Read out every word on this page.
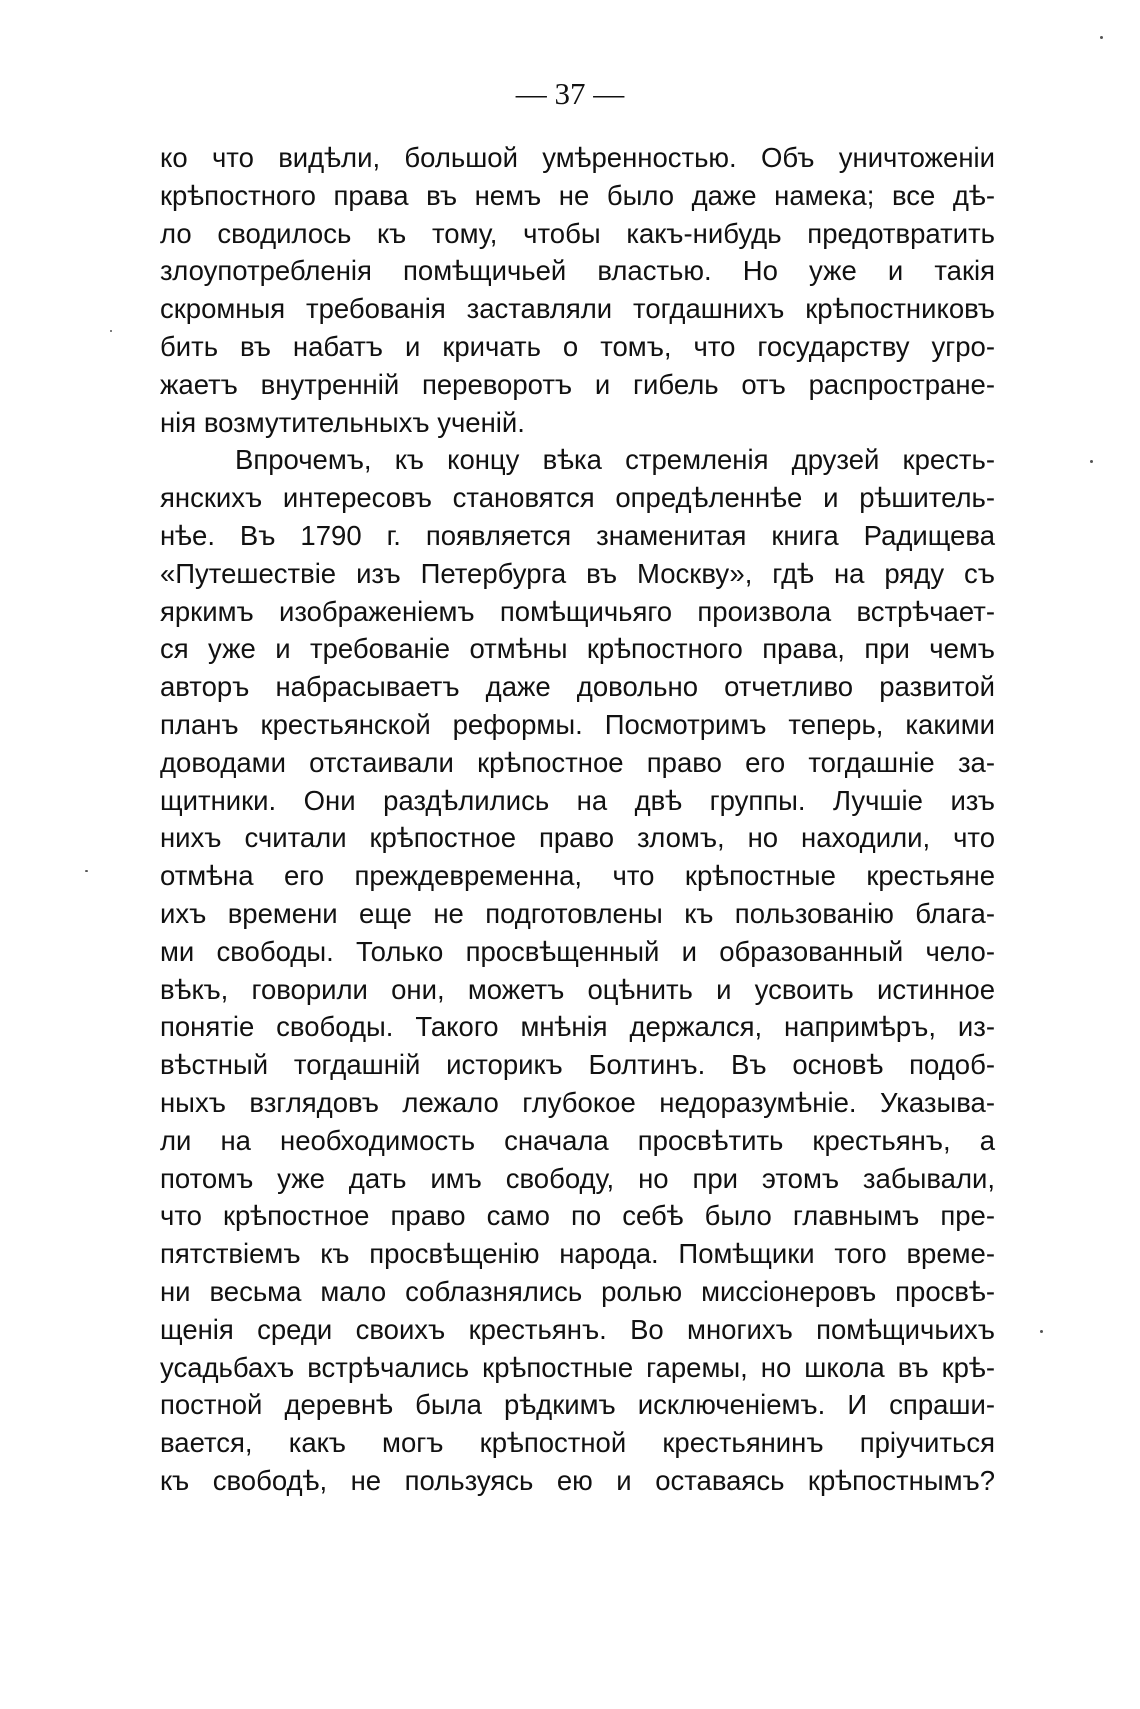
— 37 —
ко что видѣли, большой умѣренностью. Объ уничтоженіи
крѣпостного права въ немъ не было даже намека; все дѣ-
ло сводилось къ тому, чтобы какъ-нибудь предотвратить
злоупотребленія помѣщичьей властью. Но уже и такія
скромныя требованія заставляли тогдашнихъ крѣпостниковъ
бить въ набатъ и кричать о томъ, что государству угро-
жаетъ внутренній переворотъ и гибель отъ распростране-
нія возмутительныхъ ученій.
Впрочемъ, къ концу вѣка стремленія друзей кресть-
янскихъ интересовъ становятся опредѣленнѣе и рѣшитель-
нѣе. Въ 1790 г. появляется знаменитая книга Радищева
«Путешествіе изъ Петербурга въ Москву», гдѣ на ряду съ
яркимъ изображеніемъ помѣщичьяго произвола встрѣчает-
ся уже и требованіе отмѣны крѣпостного права, при чемъ
авторъ набрасываетъ даже довольно отчетливо развитой
планъ крестьянской реформы. Посмотримъ теперь, какими
доводами отстаивали крѣпостное право его тогдашніе за-
щитники. Они раздѣлились на двѣ группы. Лучшіе изъ
нихъ считали крѣпостное право зломъ, но находили, что
отмѣна его преждевременна, что крѣпостные крестьяне
ихъ времени еще не подготовлены къ пользованію блага-
ми свободы. Только просвѣщенный и образованный чело-
вѣкъ, говорили они, можетъ оцѣнить и усвоить истинное
понятіе свободы. Такого мнѣнія держался, напримѣръ, из-
вѣстный тогдашній историкъ Болтинъ. Въ основѣ подоб-
ныхъ взглядовъ лежало глубокое недоразумѣніе. Указыва-
ли на необходимость сначала просвѣтить крестьянъ, а
потомъ уже дать имъ свободу, но при этомъ забывали,
что крѣпостное право само по себѣ было главнымъ пре-
пятствіемъ къ просвѣщенію народа. Помѣщики того време-
ни весьма мало соблазнялись ролью миссіонеровъ просвѣ-
щенія среди своихъ крестьянъ. Во многихъ помѣщичьихъ
усадьбахъ встрѣчались крѣпостные гаремы, но школа въ крѣ-
постной деревнѣ была рѣдкимъ исключеніемъ. И спраши-
вается, какъ могъ крѣпостной крестьянинъ пріучиться
къ свободѣ, не пользуясь ею и оставаясь крѣпостнымъ?
